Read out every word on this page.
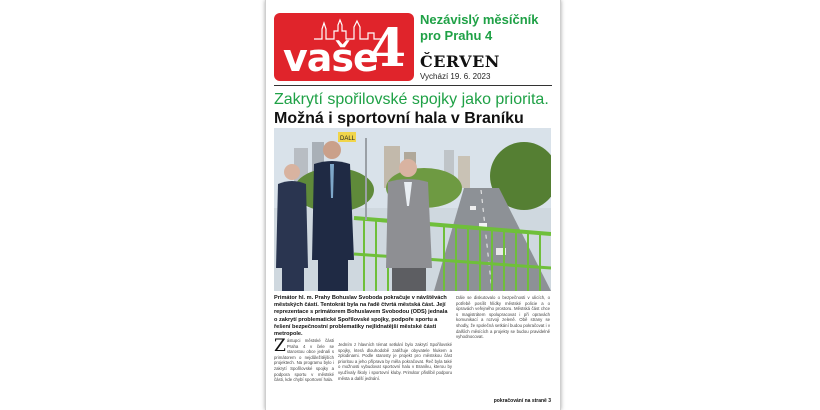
vaše
4 Nezávislý měsíčník pro Prahu 4
ČERVEN
Vychází 19. 6. 2023
Zakrytí spořilovské spojky jako priorita.
Možná i sportovní hala v Braníku
DALL
Primátor hl. m. Prahy Bohuslav Svoboda pokračuje v návštěvách městských částí. Tentokrát byla na řadě čtvrtá městská část. Její reprezentace s primátorem Bohuslavem Svobodou (ODS) jednala o zakrytí problematické Spořilovské spojky, podpoře sportu a řešení bezpečnostní problematiky nejlidnatější městské části metropole.
Z ástupci městské části Praha 4 v čele se starostou obce jednali s primátorem o nejdůležitějších projektech. Na programu bylo i zakrytí Spořilovské spojky a podpora sportu v městské části, kde chybí sportovní hala.
Jedním z hlavních témat setkání bylo zakrytí Spořilovské spojky, která dlouhodobě zatěžuje obyvatele hlukem a zplodinami. Podle starosty je projekt pro městskou část prioritou a jeho příprava by měla pokračovat. Řeč byla také o možnosti vybudovat sportovní halu v Braníku, kterou by využívaly školy i sportovní kluby. Primátor přislíbil podporu města a další jednání.
Dále se diskutovalo o bezpečnosti v ulicích, o potřebě posílit hlídky městské policie a o úpravách veřejného prostoru. Městská část chce s magistrátem spolupracovat i při opravách komunikací a rozvoji zeleně. Obě strany se shodly, že společná setkání budou pokračovat i v dalších měsících a projekty se budou pravidelně vyhodnocovat.
pokračování na straně 3
